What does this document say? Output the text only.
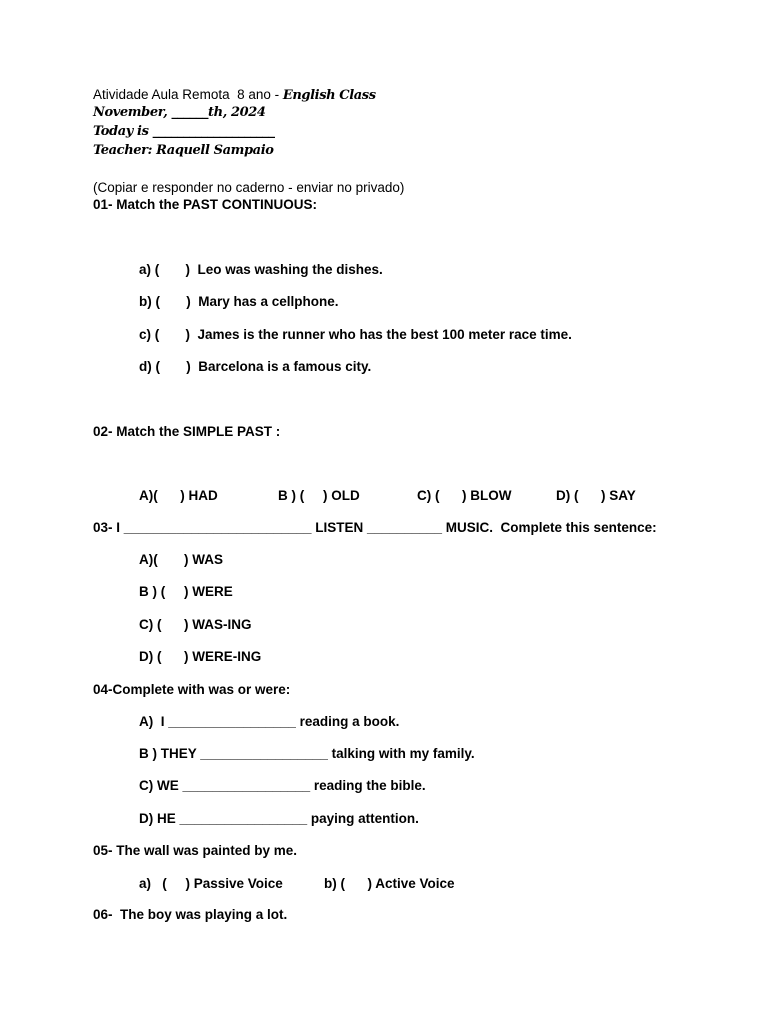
Atividade Aula Remota  8 ano - English Class
November, ______th, 2024
Today is ____________________
Teacher: Raquell Sampaio
(Copiar e responder no caderno - enviar no privado)
01- Match the PAST CONTINUOUS:
a) (       )  Leo was washing the dishes.
b) (       )  Mary has a cellphone.
c) (       )  James is the runner who has the best 100 meter race time.
d) (       )  Barcelona is a famous city.
02- Match the SIMPLE PAST :

A)(      ) HAD

	B ) (     ) OLD

	C) (      ) BLOW

	D) (      ) SAY

03- I _________________________ LISTEN __________ MUSIC.  Complete this sentence:
A)(       ) WAS
B ) (     ) WERE
C) (      ) WAS-ING
D) (      ) WERE-ING
04-Complete with was or were:
A)  I _________________ reading a book.
B ) THEY _________________ talking with my family.
C) WE _________________ reading the bible.
D) HE _________________ paying attention.
05- The wall was painted by me.

a)   (     ) Passive Voice

	b) (      ) Active Voice

06-  The boy was playing a lot.
